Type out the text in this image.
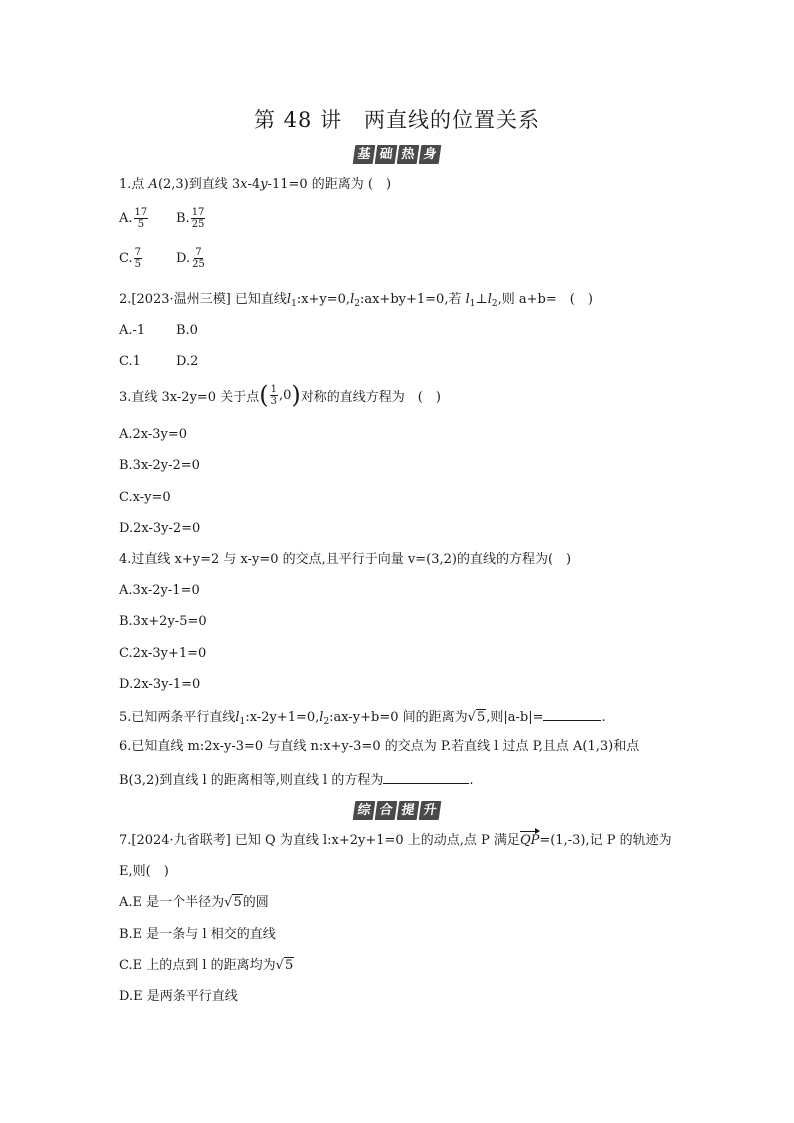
第 48 讲　两直线的位置关系
基 础 热 身
1.点 A(2,3)到直线 3x-4y-11=0 的距离为 (　)
A. $\frac{17}{5} B$. $\frac{17}{25}$
C. $\frac{7}{5}$	D. $\frac{7}{25}$
2.[2023·温州三模] 已知直线$l_1:x+y=0,l_2:ax+by+1=0$,若 $l_1\perp l_2$,则 a+b=　(　)
A.-1 B.0
C.1	D.2
3.直线 3x-2y=0 关于点 ( $\frac{1}{3} ,0$ ) 对称的直线方程为　(　)
A.2x-3y=0
B.3x-2y-2=0
C.x-y=0
D.2x-3y-2=0
4.过直线 x+y=2 与 x-y=0 的交点,且平行于向量 v=(3,2)的直线的方程为(　)
A.3x-2y-1=0
B.3x+2y-5=0
C.2x-3y+1=0
D.2x-3y-1=0
5.已知两条平行直线$l_1:x-2y+1=0,l_2:ax-y+b=0$ 间的距离为√5,则|a-b|=	.
6.已知直线 m:2x-y-3=0 与直线 n:x+y-3=0 的交点为 P.若直线 l 过点 P,且点 A(1,3)和点
B(3,2)到直线 l 的距离相等,则直线 l 的方程为	.
综 合 提 升
7.[2024·九省联考] 已知 Q 为直线 l:x+2y+1=0 上的动点,点 P 满足QP=(1,-3),记 P 的轨迹为
E,则(　)
A.E 是一个半径为√5的圆
B.E 是一条与 l 相交的直线
C.E 上的点到 l 的距离均为√5
D.E 是两条平行直线
